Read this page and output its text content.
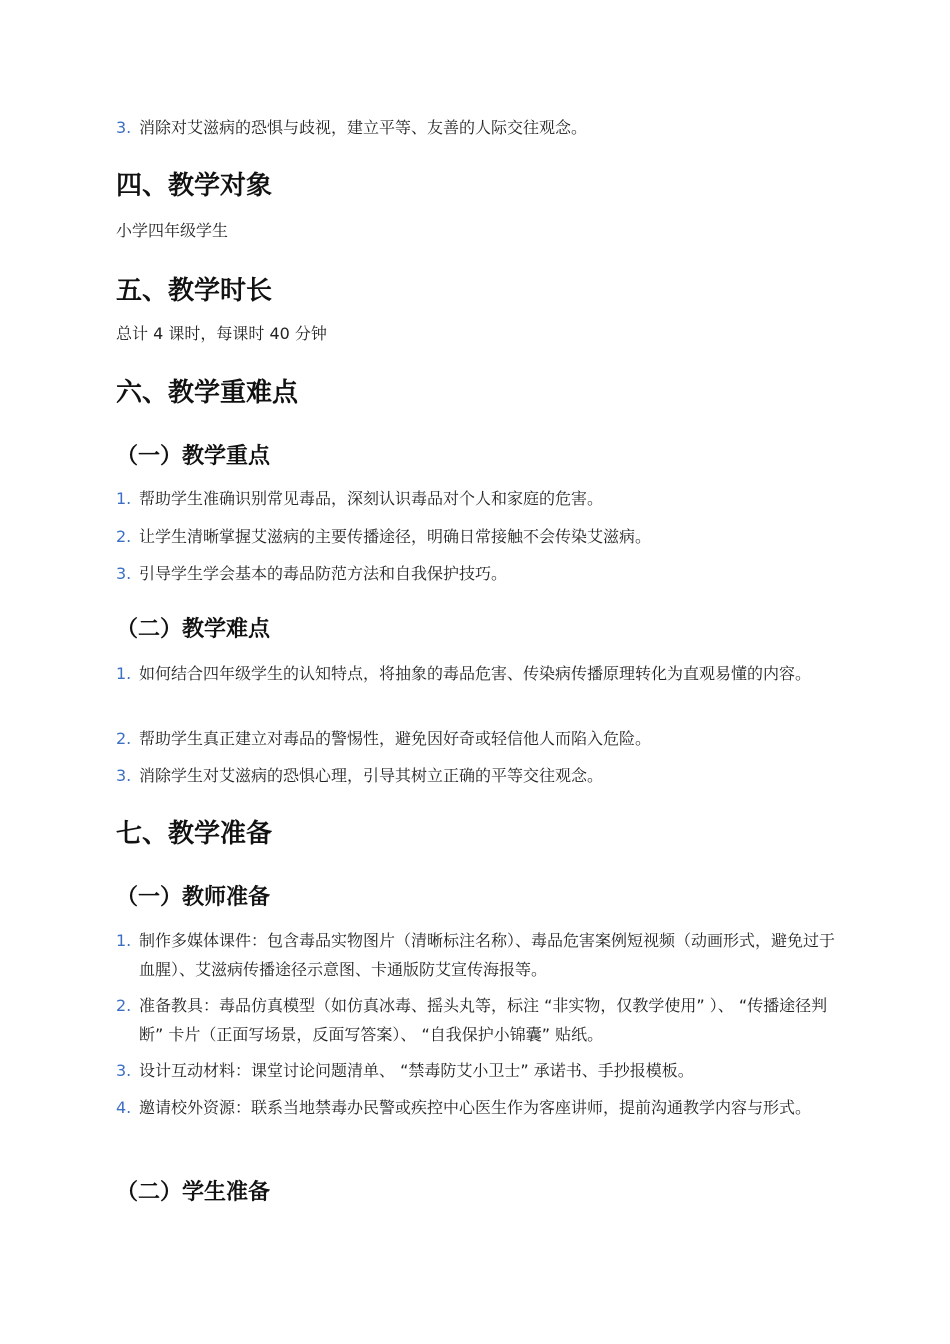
3. 消除对艾滋病的恐惧与歧视，建立平等、友善的人际交往观念。
四、教学对象

小学四年级学生

五、教学时长

总计 4 课时，每课时 40 分钟

六、教学重难点
（一）教学重点
1. 帮助学生准确识别常见毒品，深刻认识毒品对个人和家庭的危害。
2. 让学生清晰掌握艾滋病的主要传播途径，明确日常接触不会传染艾滋病。
3. 引导学生学会基本的毒品防范方法和自我保护技巧。
（二）教学难点
1. 如何结合四年级学生的认知特点，将抽象的毒品危害、传染病传播原理转化为直观易懂的内容。
2. 帮助学生真正建立对毒品的警惕性，避免因好奇或轻信他人而陷入危险。
3. 消除学生对艾滋病的恐惧心理，引导其树立正确的平等交往观念。
七、教学准备
（一）教师准备
1. 制作多媒体课件：包含毒品实物图片（清晰标注名称）、毒品危害案例短视频（动画形式，避免过于血腥）、艾滋病传播途径示意图、卡通版防艾宣传海报等。
2. 准备教具：毒品仿真模型（如仿真冰毒、摇头丸等，标注 “非实物，仅教学使用” ）、 “传播途径判断” 卡片（正面写场景，反面写答案）、 “自我保护小锦囊” 贴纸。
3. 设计互动材料：课堂讨论问题清单、 “禁毒防艾小卫士” 承诺书、手抄报模板。
4. 邀请校外资源：联系当地禁毒办民警或疾控中心医生作为客座讲师，提前沟通教学内容与形式。
（二）学生准备
